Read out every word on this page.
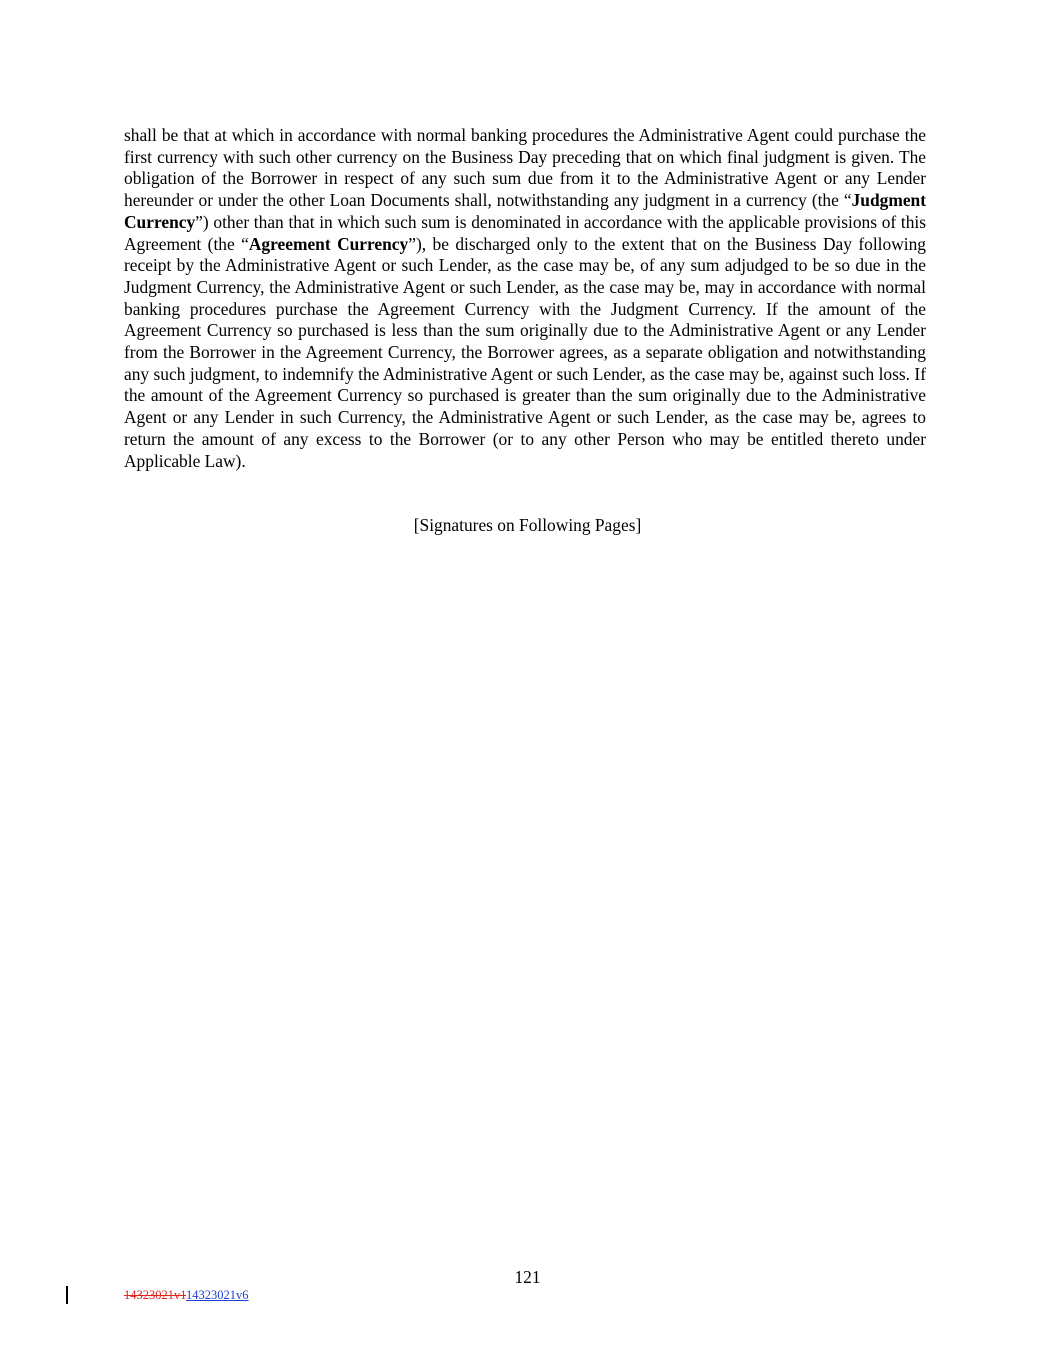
shall be that at which in accordance with normal banking procedures the Administrative Agent could purchase the first currency with such other currency on the Business Day preceding that on which final judgment is given. The obligation of the Borrower in respect of any such sum due from it to the Administrative Agent or any Lender hereunder or under the other Loan Documents shall, notwithstanding any judgment in a currency (the “Judgment Currency”) other than that in which such sum is denominated in accordance with the applicable provisions of this Agreement (the “Agreement Currency”), be discharged only to the extent that on the Business Day following receipt by the Administrative Agent or such Lender, as the case may be, of any sum adjudged to be so due in the Judgment Currency, the Administrative Agent or such Lender, as the case may be, may in accordance with normal banking procedures purchase the Agreement Currency with the Judgment Currency. If the amount of the Agreement Currency so purchased is less than the sum originally due to the Administrative Agent or any Lender from the Borrower in the Agreement Currency, the Borrower agrees, as a separate obligation and notwithstanding any such judgment, to indemnify the Administrative Agent or such Lender, as the case may be, against such loss. If the amount of the Agreement Currency so purchased is greater than the sum originally due to the Administrative Agent or any Lender in such Currency, the Administrative Agent or such Lender, as the case may be, agrees to return the amount of any excess to the Borrower (or to any other Person who may be entitled thereto under Applicable Law).

[Signatures on Following Pages]
121
14323021v114323021v6
